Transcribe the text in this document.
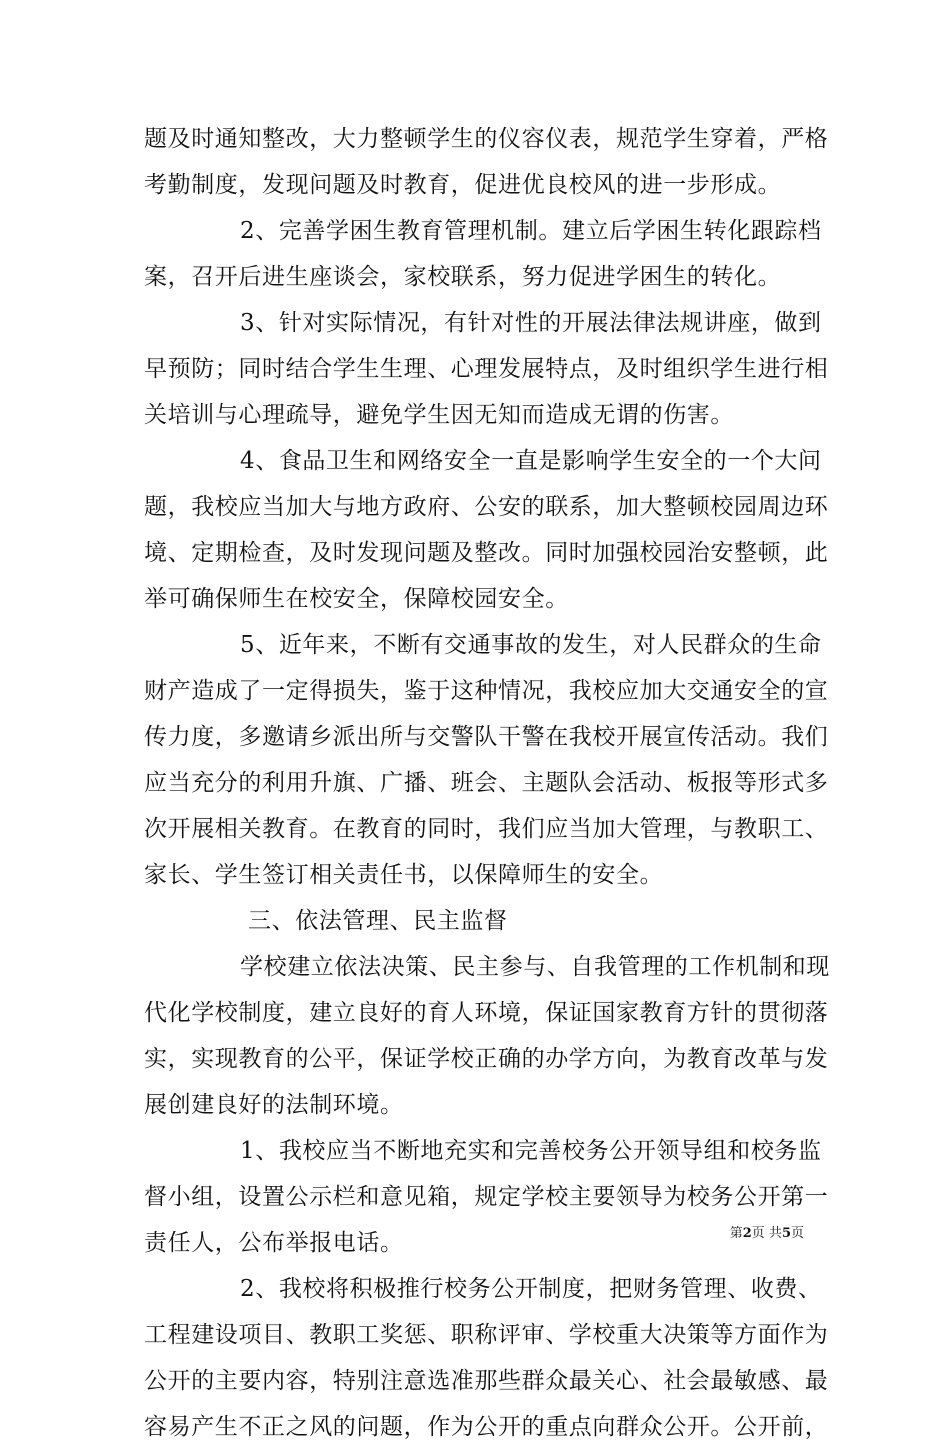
题及时通知整改，大力整顿学生的仪容仪表，规范学生穿着，严格
考勤制度，发现问题及时教育，促进优良校风的进一步形成。
2、完善学困生教育管理机制。建立后学困生转化跟踪档
案，召开后进生座谈会，家校联系，努力促进学困生的转化。
3、针对实际情况，有针对性的开展法律法规讲座，做到
早预防；同时结合学生生理、心理发展特点，及时组织学生进行相
关培训与心理疏导，避免学生因无知而造成无谓的伤害。
4、食品卫生和网络安全一直是影响学生安全的一个大问
题，我校应当加大与地方政府、公安的联系，加大整顿校园周边环
境、定期检查，及时发现问题及整改。同时加强校园治安整顿，此
举可确保师生在校安全，保障校园安全。
5、近年来，不断有交通事故的发生，对人民群众的生命
财产造成了一定得损失，鉴于这种情况，我校应加大交通安全的宣
传力度，多邀请乡派出所与交警队干警在我校开展宣传活动。我们
应当充分的利用升旗、广播、班会、主题队会活动、板报等形式多
次开展相关教育。在教育的同时，我们应当加大管理，与教职工、
家长、学生签订相关责任书，以保障师生的安全。
三、依法管理、民主监督
学校建立依法决策、民主参与、自我管理的工作机制和现
代化学校制度，建立良好的育人环境，保证国家教育方针的贯彻落
实，实现教育的公平，保证学校正确的办学方向，为教育改革与发
展创建良好的法制环境。
1、我校应当不断地充实和完善校务公开领导组和校务监
督小组，设置公示栏和意见箱，规定学校主要领导为校务公开第一
责任人，公布举报电话。
2、我校将积极推行校务公开制度，把财务管理、收费、
工程建设项目、教职工奖惩、职称评审、学校重大决策等方面作为
公开的主要内容，特别注意选准那些群众最关心、社会最敏感、最
容易产生不正之风的问题，作为公开的重点向群众公开。公开前，
第2页 共5页
